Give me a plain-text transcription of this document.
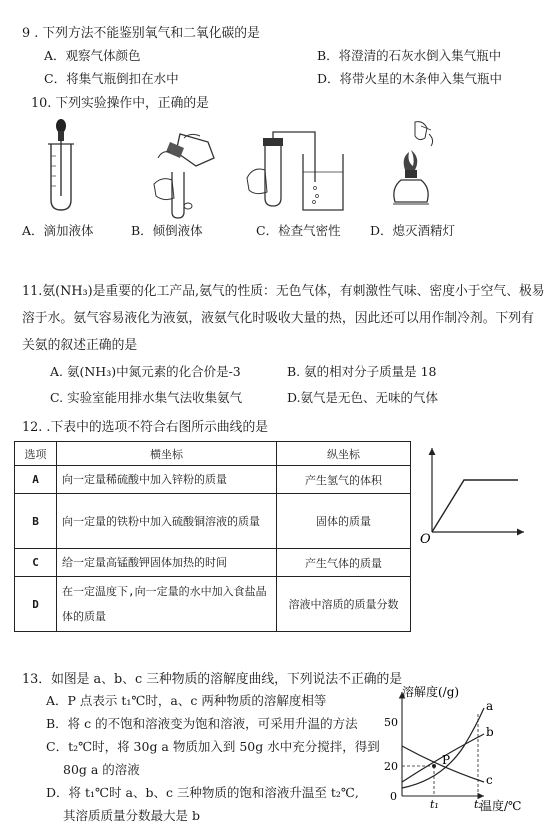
9 . 下列方法不能鉴别氧气和二氧化碳的是
A．观察气体颜色	B．将澄清的石灰水倒入集气瓶中
C．将集气瓶倒扣在水中	D．将带火星的木条伸入集气瓶中
10. 下列实验操作中，正确的是
A．滴加液体	B．倾倒液体	C．检查气密性 D．熄灭酒精灯
11.氨(NH₃)是重要的化工产品,氨气的性质：无色气体，有刺激性气味、密度小于空气、极易
溶于水。氨气容易液化为液氨，液氨气化时吸收大量的热，因此还可以用作制冷剂。下列有
关氨的叙述正确的是
A. 氨(NH₃)中氮元素的化合价是-3	B. 氨的相对分子质量是 18
C. 实验室能用排水集气法收集氨气	D.氨气是无色、无味的气体
12. .下表中的选项不符合右图所示曲线的是
选项	横坐标	纵坐标
A	向一定量稀硫酸中加入锌粉的质量	产生氢气的体积
B	向一定量的铁粉中加入硫酸铜溶液的质量	固体的质量
C	给一定量高锰酸钾固体加热的时间	产生气体的质量
D	在一定温度下,向一定量的水中加入食盐晶体的质量	溶液中溶质的质量分数
O
13．如图是 a、b、c 三种物质的溶解度曲线，下列说法不正确的是
A．P 点表示 t₁℃时，a、c 两种物质的溶解度相等
B．将 c 的不饱和溶液变为饱和溶液，可采用升温的方法
C．t₂℃时，将 30g a 物质加入到 50g 水中充分搅拌，得到
80g a 的溶液
D．将 t₁℃时 a、b、c 三种物质的饱和溶液升温至 t₂℃,
其溶质质量分数最大是 b
溶解度(/g)
温度/℃
50
20
0
t₁	t₂
P
a
b
c
